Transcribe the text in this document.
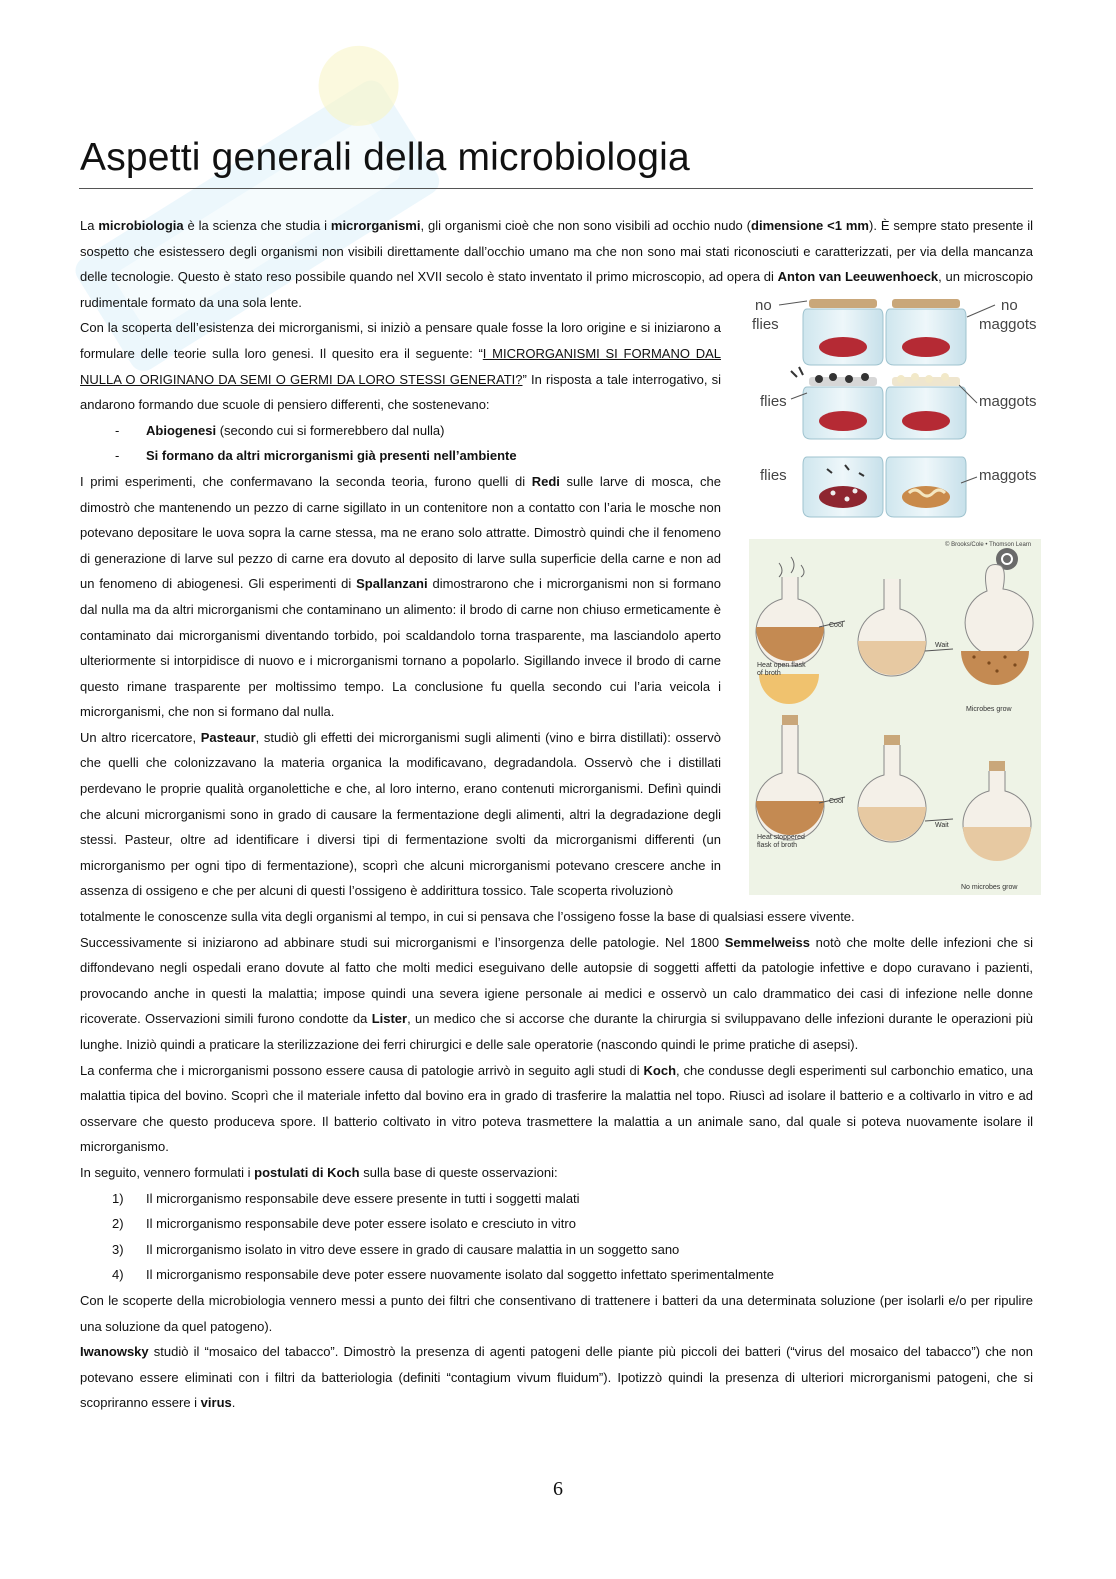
Aspetti generali della microbiologia

La microbiologia è la scienza che studia i microrganismi, gli organismi cioè che non sono visibili ad occhio nudo (dimensione <1 mm). È sempre stato presente il sospetto che esistessero degli organismi non visibili direttamente dall’occhio umano ma che non sono mai stati riconosciuti e caratterizzati, per via della mancanza delle tecnologie. Questo è stato reso possibile quando nel XVII secolo è stato inventato il primo microscopio, ad opera di Anton van Leeuwenhoeck, un microscopio rudimentale formato da una sola lente.

Con la scoperta dell’esistenza dei microrganismi, si iniziò a pensare quale fosse la loro origine e si iniziarono a formulare delle teorie sulla loro genesi. Il quesito era il seguente: “I MICRORGANISMI SI FORMANO DAL NULLA O ORIGINANO DA SEMI O GERMI DA LORO STESSI GENERATI?” In risposta a tale interrogativo, si andarono formando due scuole di pensiero differenti, che sostenevano:

- Abiogenesi (secondo cui si formerebbero dal nulla)
- Si formano da altri microrganismi già presenti nell’ambiente

I primi esperimenti, che confermavano la seconda teoria, furono quelli di Redi sulle larve di mosca, che dimostrò che mantenendo un pezzo di carne sigillato in un contenitore non a contatto con l’aria le mosche non potevano depositare le uova sopra la carne stessa, ma ne erano solo attratte. Dimostrò quindi che il fenomeno di generazione di larve sul pezzo di carne era dovuto al deposito di larve sulla superficie della carne e non ad un fenomeno di abiogenesi. Gli esperimenti di Spallanzani dimostrarono che i microrganismi non si formano dal nulla ma da altri microrganismi che contaminano un alimento: il brodo di carne non chiuso ermeticamente è contaminato dai microrganismi diventando torbido, poi scaldandolo torna trasparente, ma lasciandolo aperto ulteriormente si intorpidisce di nuovo e i microrganismi tornano a popolarlo. Sigillando invece il brodo di carne questo rimane trasparente per moltissimo tempo. La conclusione fu quella secondo cui l’aria veicola i microrganismi, che non si formano dal nulla.

Un altro ricercatore, Pasteaur, studiò gli effetti dei microrganismi sugli alimenti (vino e birra distillati): osservò che quelli che colonizzavano la materia organica la modificavano, degradandola. Osservò che i distillati perdevano le proprie qualità organolettiche e che, al loro interno, erano contenuti microrganismi. Definì quindi che alcuni microrganismi sono in grado di causare la fermentazione degli alimenti, altri la degradazione degli stessi. Pasteur, oltre ad identificare i diversi tipi di fermentazione svolti da microrganismi differenti (un microrganismo per ogni tipo di fermentazione), scoprì che alcuni microrganismi potevano crescere anche in assenza di ossigeno e che per alcuni di questi l’ossigeno è addirittura tossico. Tale scoperta rivoluzionò

totalmente le conoscenze sulla vita degli organismi al tempo, in cui si pensava che l’ossigeno fosse la base di qualsiasi essere vivente.

Successivamente si iniziarono ad abbinare studi sui microrganismi e l’insorgenza delle patologie. Nel 1800 Semmelweiss notò che molte delle infezioni che si diffondevano negli ospedali erano dovute al fatto che molti medici eseguivano delle autopsie di soggetti affetti da patologie infettive e dopo curavano i pazienti, provocando anche in questi la malattia; impose quindi una severa igiene personale ai medici e osservò un calo drammatico dei casi di infezione nelle donne ricoverate. Osservazioni simili furono condotte da Lister, un medico che si accorse che durante la chirurgia si sviluppavano delle infezioni durante le operazioni più lunghe. Iniziò quindi a praticare la sterilizzazione dei ferri chirurgici e delle sale operatorie (nascondo quindi le prime pratiche di asepsi).

La conferma che i microrganismi possono essere causa di patologie arrivò in seguito agli studi di Koch, che condusse degli esperimenti sul carbonchio ematico, una malattia tipica del bovino. Scoprì che il materiale infetto dal bovino era in grado di trasferire la malattia nel topo. Riuscì ad isolare il batterio e a coltivarlo in vitro e ad osservare che questo produceva spore. Il batterio coltivato in vitro poteva trasmettere la malattia a un animale sano, dal quale si poteva nuovamente isolare il microrganismo.

In seguito, vennero formulati i postulati di Koch sulla base di queste osservazioni:

1) Il microrganismo responsabile deve essere presente in tutti i soggetti malati
2) Il microrganismo responsabile deve poter essere isolato e cresciuto in vitro
3) Il microrganismo isolato in vitro deve essere in grado di causare malattia in un soggetto sano
4) Il microrganismo responsabile deve poter essere nuovamente isolato dal soggetto infettato sperimentalmente

Con le scoperte della microbiologia vennero messi a punto dei filtri che consentivano di trattenere i batteri da una determinata soluzione (per isolarli e/o per ripulire una soluzione da quel patogeno).

Iwanowsky studiò il “mosaico del tabacco”. Dimostrò la presenza di agenti patogeni delle piante più piccoli dei batteri (“virus del mosaico del tabacco”) che non potevano essere eliminati con i filtri da batteriologia (definiti “contagium vivum fluidum”). Ipotizzò quindi la presenza di ulteriori microrganismi patogeni, che si scopriranno essere i virus.

no
flies
no
maggots
flies	maggots
flies	maggots
© Brooks/Cole • Thomson Learn
Cool
Wait
Heat open flask
of broth
Microbes grow
Cool
Wait
Heat stoppered
flask of broth
No microbes grow
6
